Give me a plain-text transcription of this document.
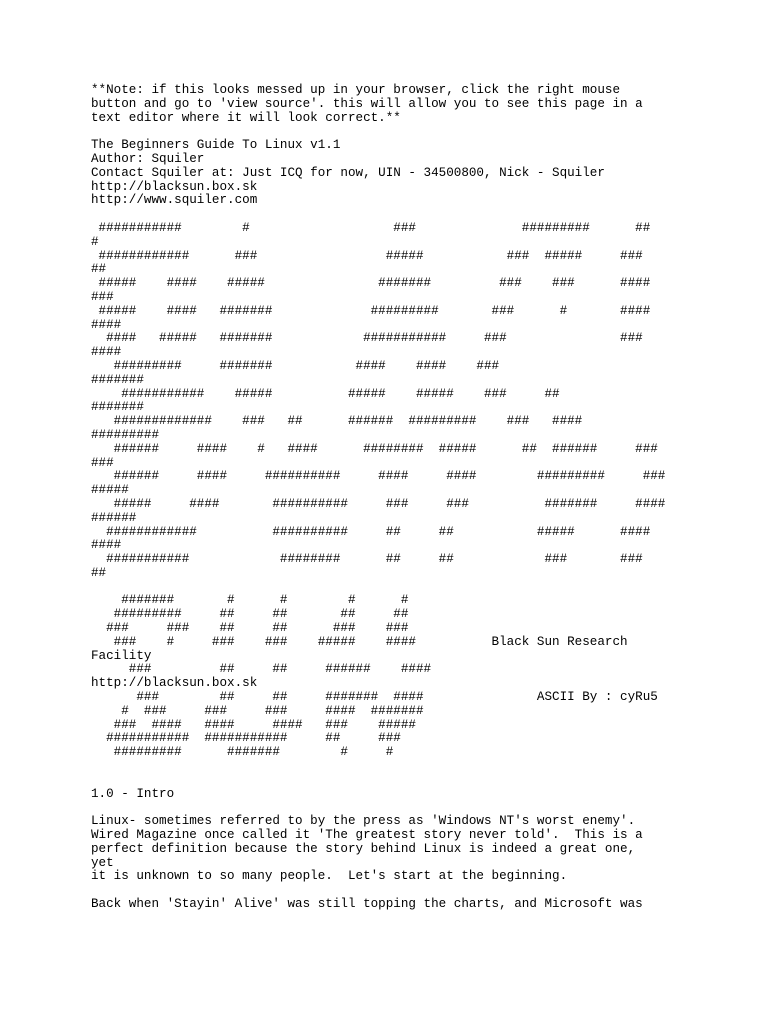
**Note: if this looks messed up in your browser, click the right mouse
button and go to 'view source'. this will allow you to see this page in a
text editor where it will look correct.**
The Beginners Guide To Linux v1.1
Author: Squiler
Contact Squiler at: Just ICQ for now, UIN - 34500800, Nick - Squiler
http://blacksun.box.sk
http://www.squiler.com
###########        #                   ###              #########      ##
#
############      ###                 #####           ###  #####     ###
##
#####    ####    #####               #######         ###    ###      ####
###
#####    ####   #######             #########       ###      #       ####
####
####   #####   #######            ###########     ###               ###
####
#########     #######           ####    ####    ###
#######
###########    #####          #####    #####    ###     ##
#######
#############    ###   ##      ######  #########    ###   ####
#########
######     ####    #   ####      ########  #####      ##  ######     ###
###
######     ####     ##########     ####     ####        #########     ###
#####
#####     ####       ##########     ###     ###          #######     ####
######
############          ##########     ##     ##           #####      ####
####
###########            ########      ##     ##            ###       ###
##
#######       #      #        #      #
#########     ##     ##       ##     ##
###     ###    ##     ##      ###    ###
###    #     ###    ###    #####    ####          Black Sun Research
Facility
###         ##     ##     ######    ####
http://blacksun.box.sk
###        ##     ##     #######  ####               ASCII By : cyRu5
#  ###     ###     ###     ####  #######
###  ####   ####     ####   ###    #####
###########  ###########     ##     ###
#########      #######        #     #
1.0 - Intro
Linux- sometimes referred to by the press as 'Windows NT's worst enemy'.
Wired Magazine once called it 'The greatest story never told'.  This is a
perfect definition because the story behind Linux is indeed a great one,
yet
it is unknown to so many people.  Let's start at the beginning.
Back when 'Stayin' Alive' was still topping the charts, and Microsoft was
